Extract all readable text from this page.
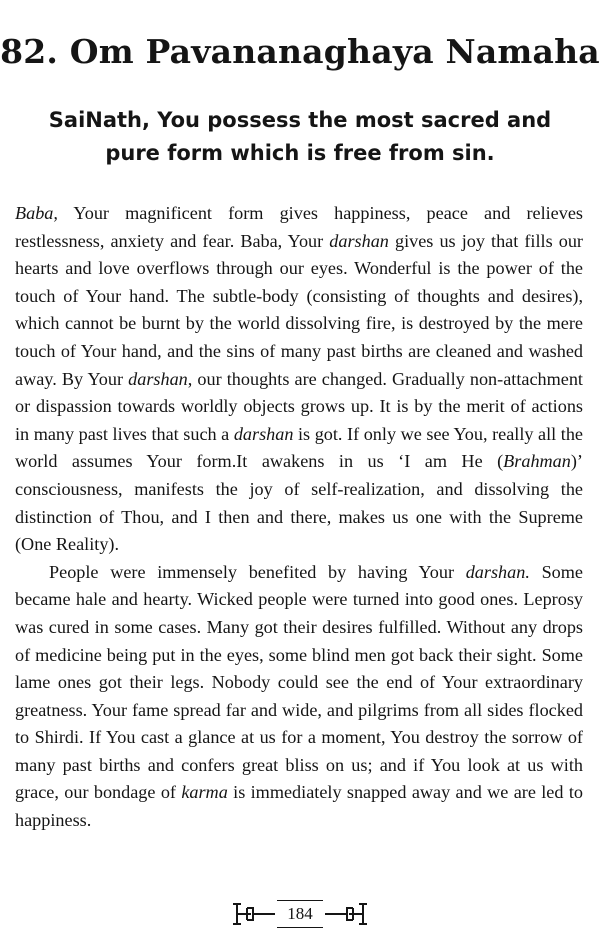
82. Om Pavananaghaya Namaha
SaiNath, You possess the most sacred and pure form which is free from sin.

Baba, Your magnificent form gives happiness, peace and relieves restlessness, anxiety and fear. Baba, Your darshan gives us joy that fills our hearts and love overflows through our eyes. Wonderful is the power of the touch of Your hand. The subtle-body (consisting of thoughts and desires), which cannot be burnt by the world dissolving fire, is destroyed by the mere touch of Your hand, and the sins of many past births are cleaned and washed away. By Your darshan, our thoughts are changed. Gradually non-attachment or dispassion towards worldly objects grows up. It is by the merit of actions in many past lives that such a darshan is got. If only we see You, really all the world assumes Your form.It awakens in us ‘I am He (Brahman)’ consciousness, manifests the joy of self-realization, and dissolving the distinction of Thou, and I then and there, makes us one with the Supreme (One Reality).

People were immensely benefited by having Your darshan. Some became hale and hearty. Wicked people were turned into good ones. Leprosy was cured in some cases. Many got their desires fulfilled. Without any drops of medicine being put in the eyes, some blind men got back their sight. Some lame ones got their legs. Nobody could see the end of Your extraordinary greatness. Your fame spread far and wide, and pilgrims from all sides flocked to Shirdi. If You cast a glance at us for a moment, You destroy the sorrow of many past births and confers great bliss on us; and if You look at us with grace, our bondage of karma is immediately snapped away and we are led to happiness.

184
